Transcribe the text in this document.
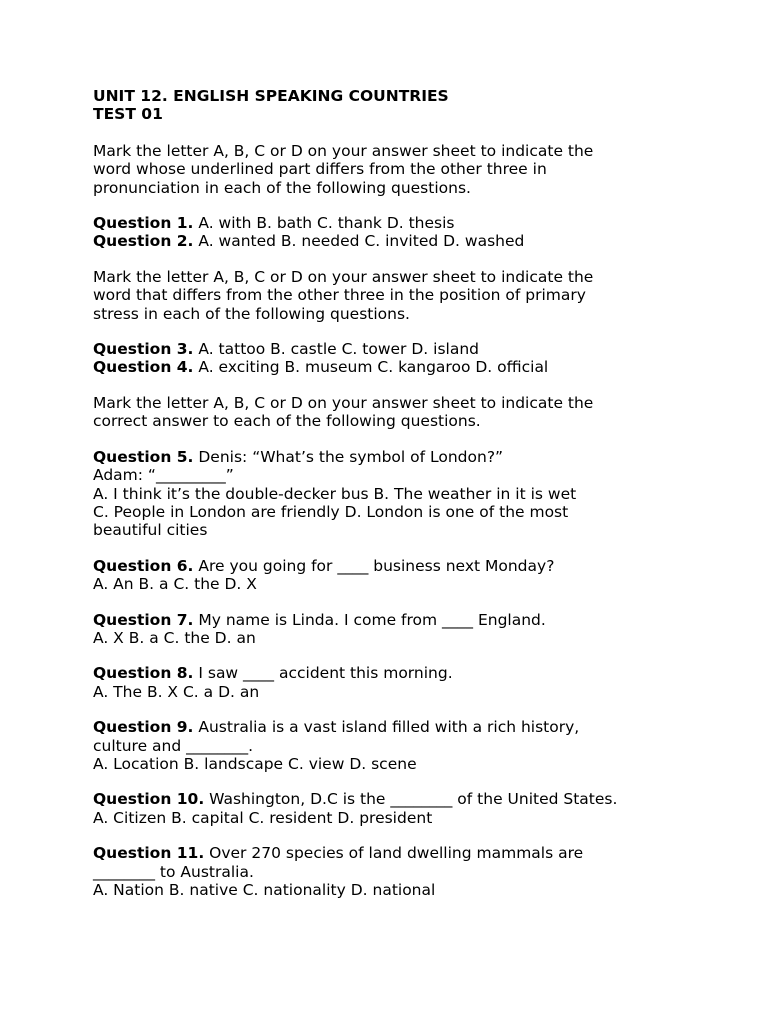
UNIT 12. ENGLISH SPEAKING COUNTRIES
TEST 01
Mark the letter A, B, C or D on your answer sheet to indicate the
word whose underlined part differs from the other three in
pronunciation in each of the following questions.
Question 1. A. with B. bath C. thank D. thesis
Question 2. A. wanted B. needed C. invited D. washed
Mark the letter A, B, C or D on your answer sheet to indicate the
word that differs from the other three in the position of primary
stress in each of the following questions.
Question 3. A. tattoo B. castle C. tower D. island
Question 4. A. exciting B. museum C. kangaroo D. official
Mark the letter A, B, C or D on your answer sheet to indicate the
correct answer to each of the following questions.
Question 5. Denis: “What’s the symbol of London?”
Adam: “_________”
A. I think it’s the double-decker bus B. The weather in it is wet
C. People in London are friendly D. London is one of the most
beautiful cities
Question 6. Are you going for ____ business next Monday?
A. An B. a C. the D. X
Question 7. My name is Linda. I come from ____ England.
A. X B. a C. the D. an
Question 8. I saw ____ accident this morning.
A. The B. X C. a D. an
Question 9. Australia is a vast island filled with a rich history,
culture and ________.
A. Location B. landscape C. view D. scene
Question 10. Washington, D.C is the ________ of the United States.
A. Citizen B. capital C. resident D. president
Question 11. Over 270 species of land dwelling mammals are
________ to Australia.
A. Nation B. native C. nationality D. national
